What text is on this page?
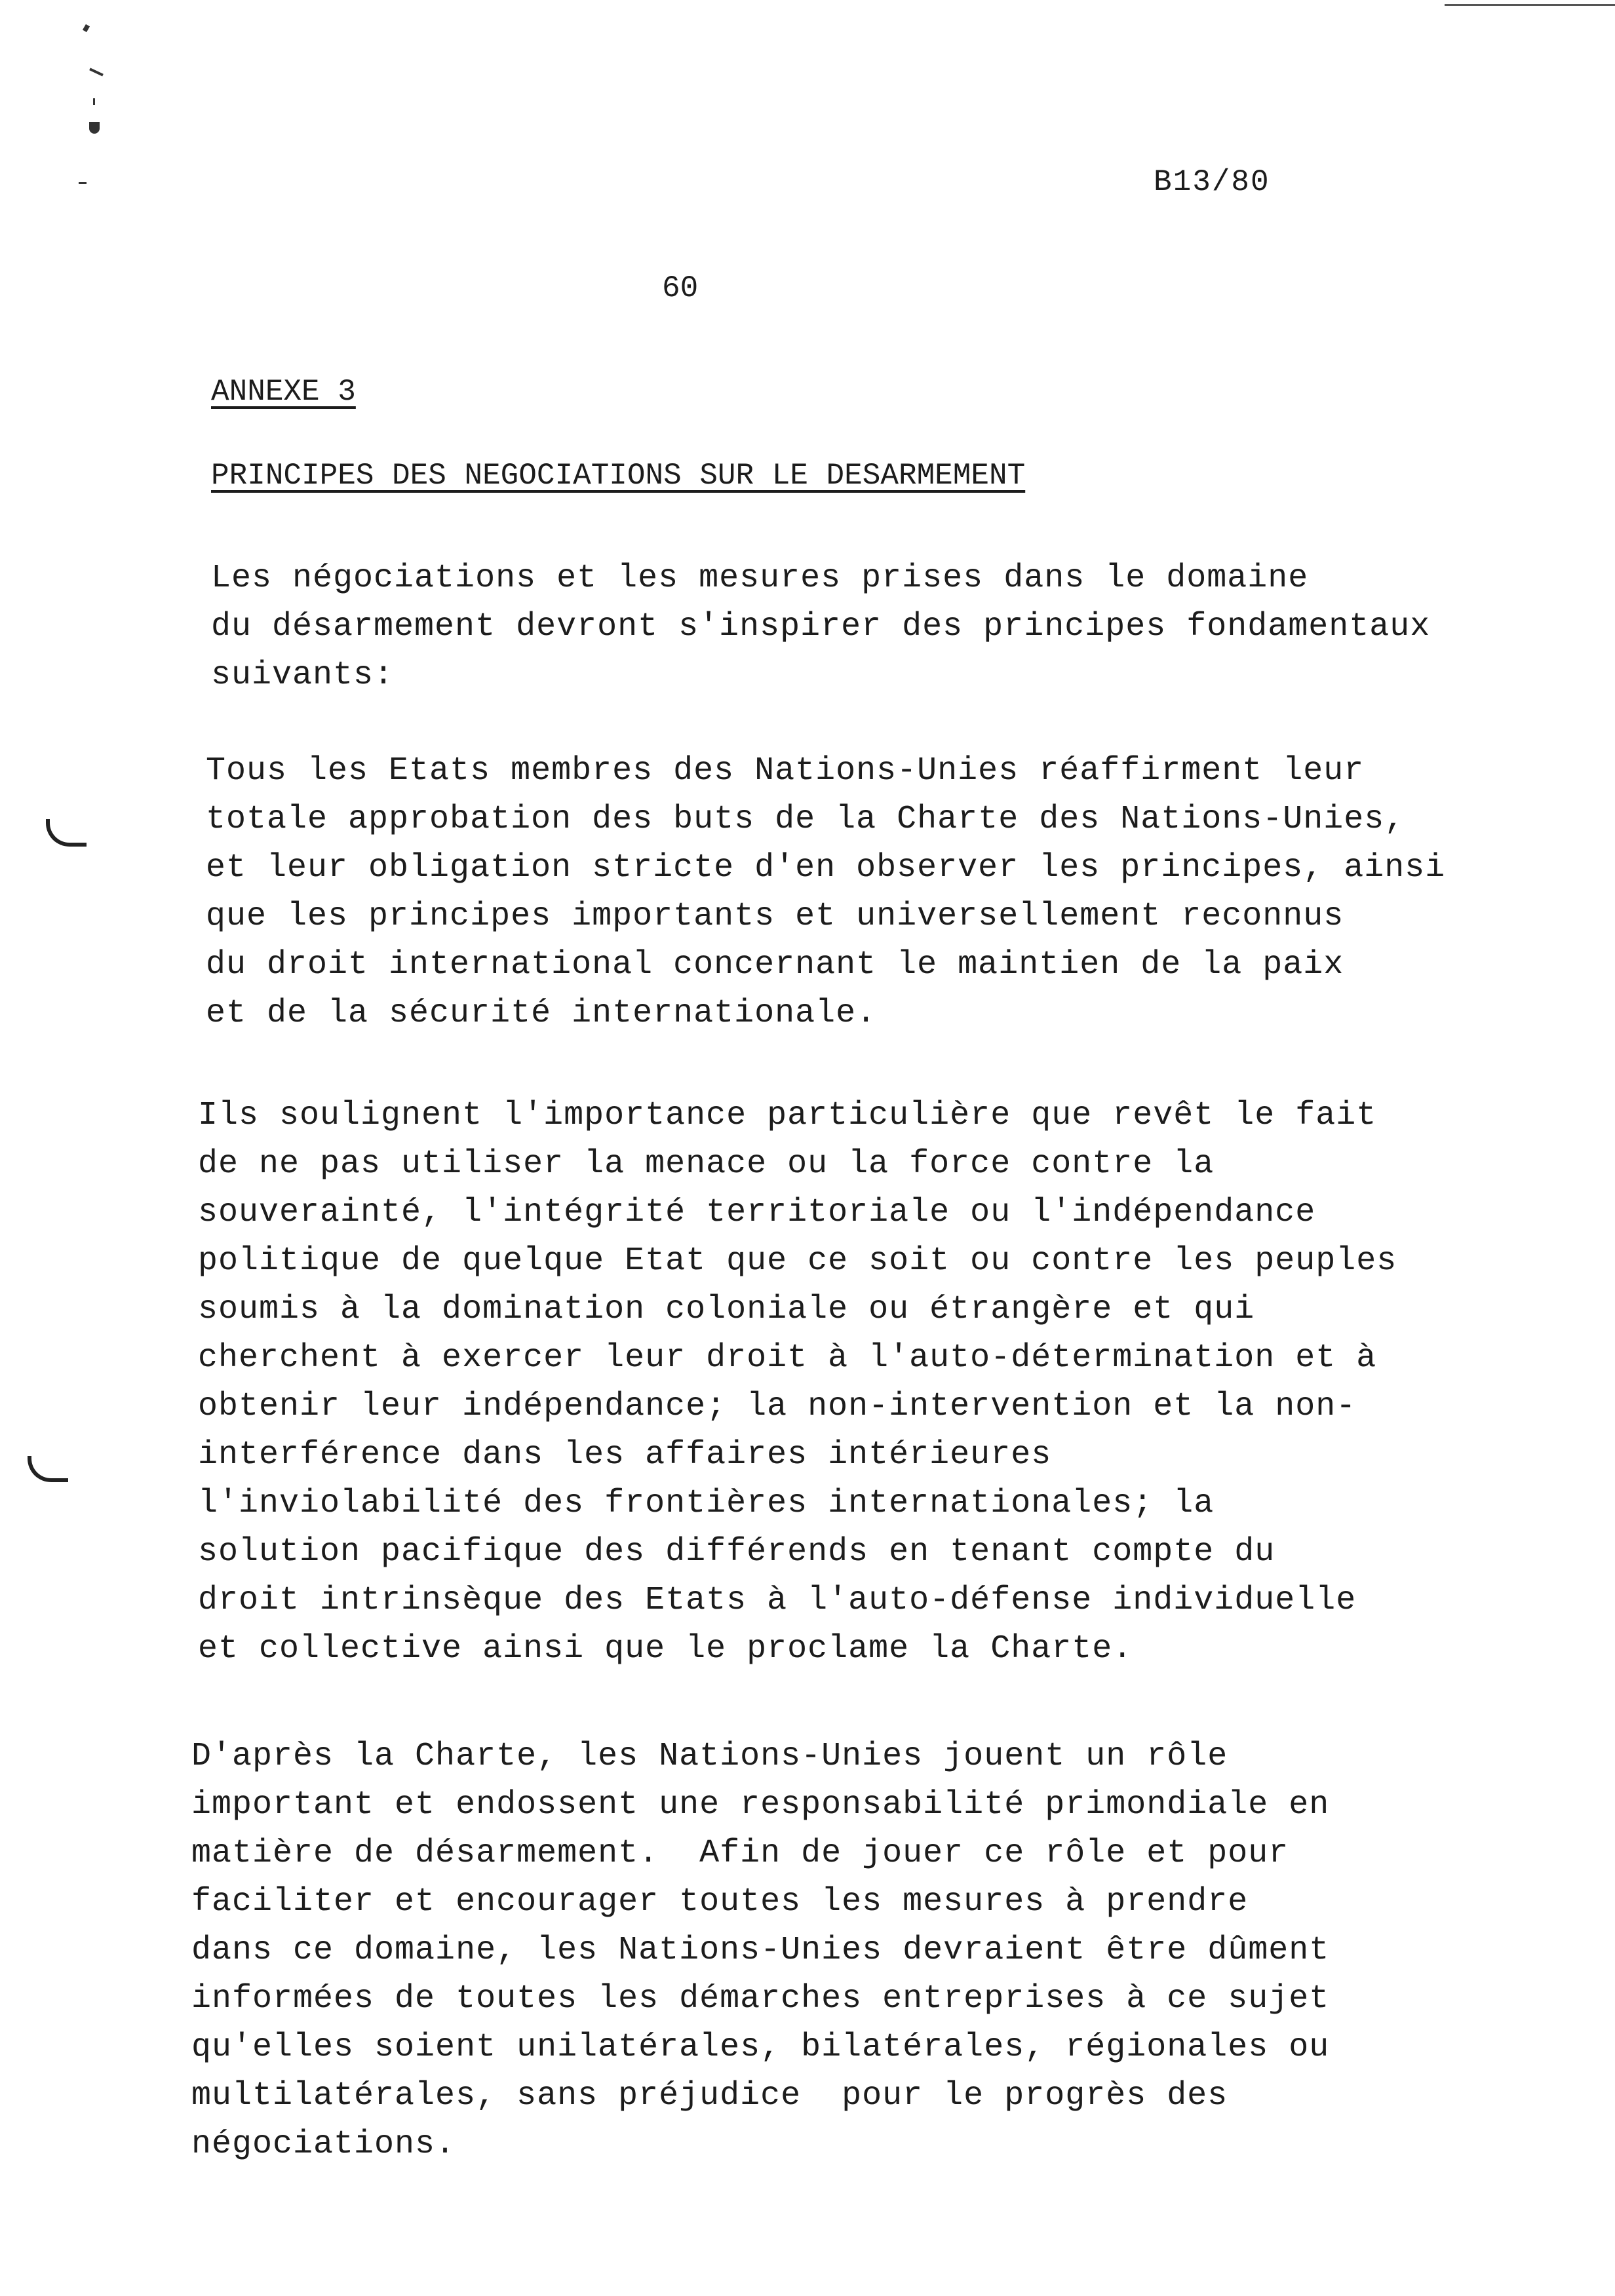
B13/80
60
ANNEXE 3
PRINCIPES DES NEGOCIATIONS SUR LE DESARMEMENT
Les négociations et les mesures prises dans le domaine
du désarmement devront s'inspirer des principes fondamentaux
suivants:
Tous les Etats membres des Nations-Unies réaffirment leur
totale approbation des buts de la Charte des Nations-Unies,
et leur obligation stricte d'en observer les principes, ainsi
que les principes importants et universellement reconnus
du droit international concernant le maintien de la paix
et de la sécurité internationale.
Ils soulignent l'importance particulière que revêt le fait
de ne pas utiliser la menace ou la force contre la
souverainté, l'intégrité territoriale ou l'indépendance
politique de quelque Etat que ce soit ou contre les peuples
soumis à la domination coloniale ou étrangère et qui
cherchent à exercer leur droit à l'auto-détermination et à
obtenir leur indépendance; la non-intervention et la non-
interférence dans les affaires intérieures
l'inviolabilité des frontières internationales; la
solution pacifique des différends en tenant compte du
droit intrinsèque des Etats à l'auto-défense individuelle
et collective ainsi que le proclame la Charte.
D'après la Charte, les Nations-Unies jouent un rôle
important et endossent une responsabilité primondiale en
matière de désarmement.  Afin de jouer ce rôle et pour
faciliter et encourager toutes les mesures à prendre
dans ce domaine, les Nations-Unies devraient être dûment
informées de toutes les démarches entreprises à ce sujet
qu'elles soient unilatérales, bilatérales, régionales ou
multilatérales, sans préjudice  pour le progrès des
négociations.
